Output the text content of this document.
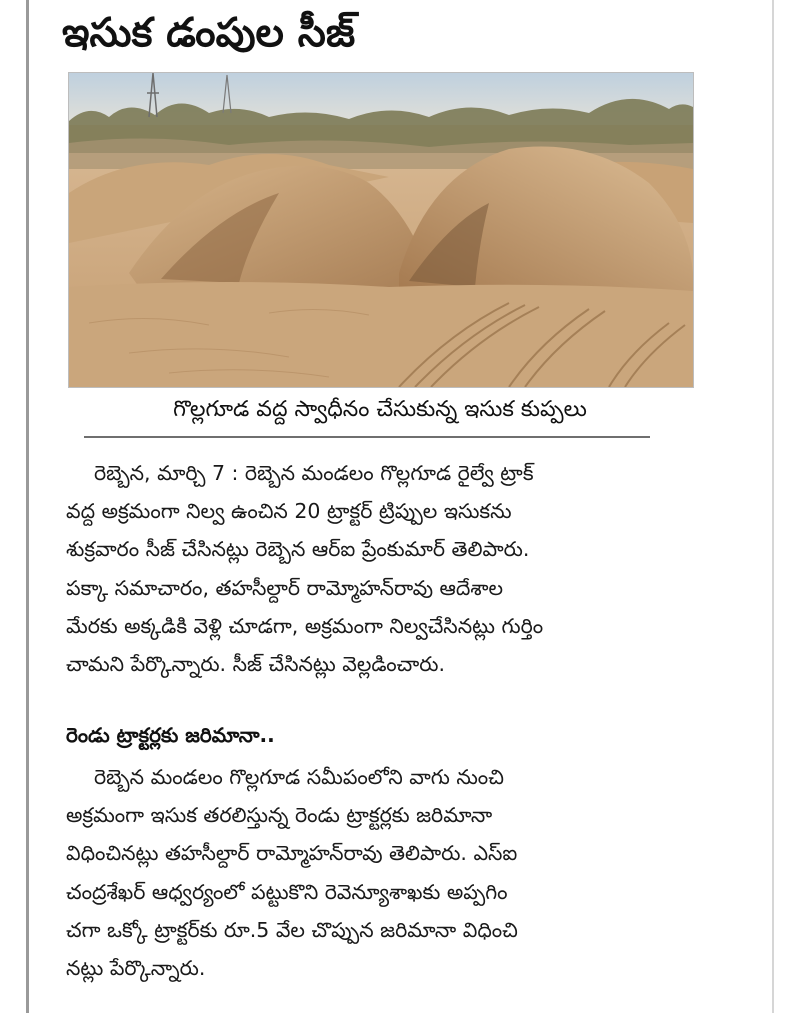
ఇసుక డంపుల సీజ్
గొల్లగూడ వద్ద స్వాధీనం చేసుకున్న ఇసుక కుప్పలు
రెబ్బెన, మార్చి 7 : రెబ్బెన మండలం గొల్లగూడ రైల్వే ట్రాక్
వద్ద అక్రమంగా నిల్వ ఉంచిన 20 ట్రాక్టర్ ట్రిప్పుల ఇసుకను
శుక్రవారం సీజ్ చేసినట్లు రెబ్బెన ఆర్ఐ ప్రేంకుమార్ తెలిపారు.
పక్కా సమాచారం, తహసీల్దార్ రామ్మోహన్‌రావు ఆదేశాల
మేరకు అక్కడికి వెళ్లి చూడగా, అక్రమంగా నిల్వచేసినట్లు గుర్తిం
చామని పేర్కొన్నారు. సీజ్ చేసినట్లు వెల్లడించారు.
రెండు ట్రాక్టర్లకు జరిమానా..
రెబ్బెన మండలం గొల్లగూడ సమీపంలోని వాగు నుంచి
అక్రమంగా ఇసుక తరలిస్తున్న రెండు ట్రాక్టర్లకు జరిమానా
విధించినట్లు తహసీల్దార్ రామ్మోహన్‌రావు తెలిపారు. ఎస్ఐ
చంద్రశేఖర్ ఆధ్వర్యంలో పట్టుకొని రెవెన్యూశాఖకు అప్పగిం
చగా ఒక్కో ట్రాక్టర్‌కు రూ.5 వేల చొప్పున జరిమానా విధించి
నట్లు పేర్కొన్నారు.
